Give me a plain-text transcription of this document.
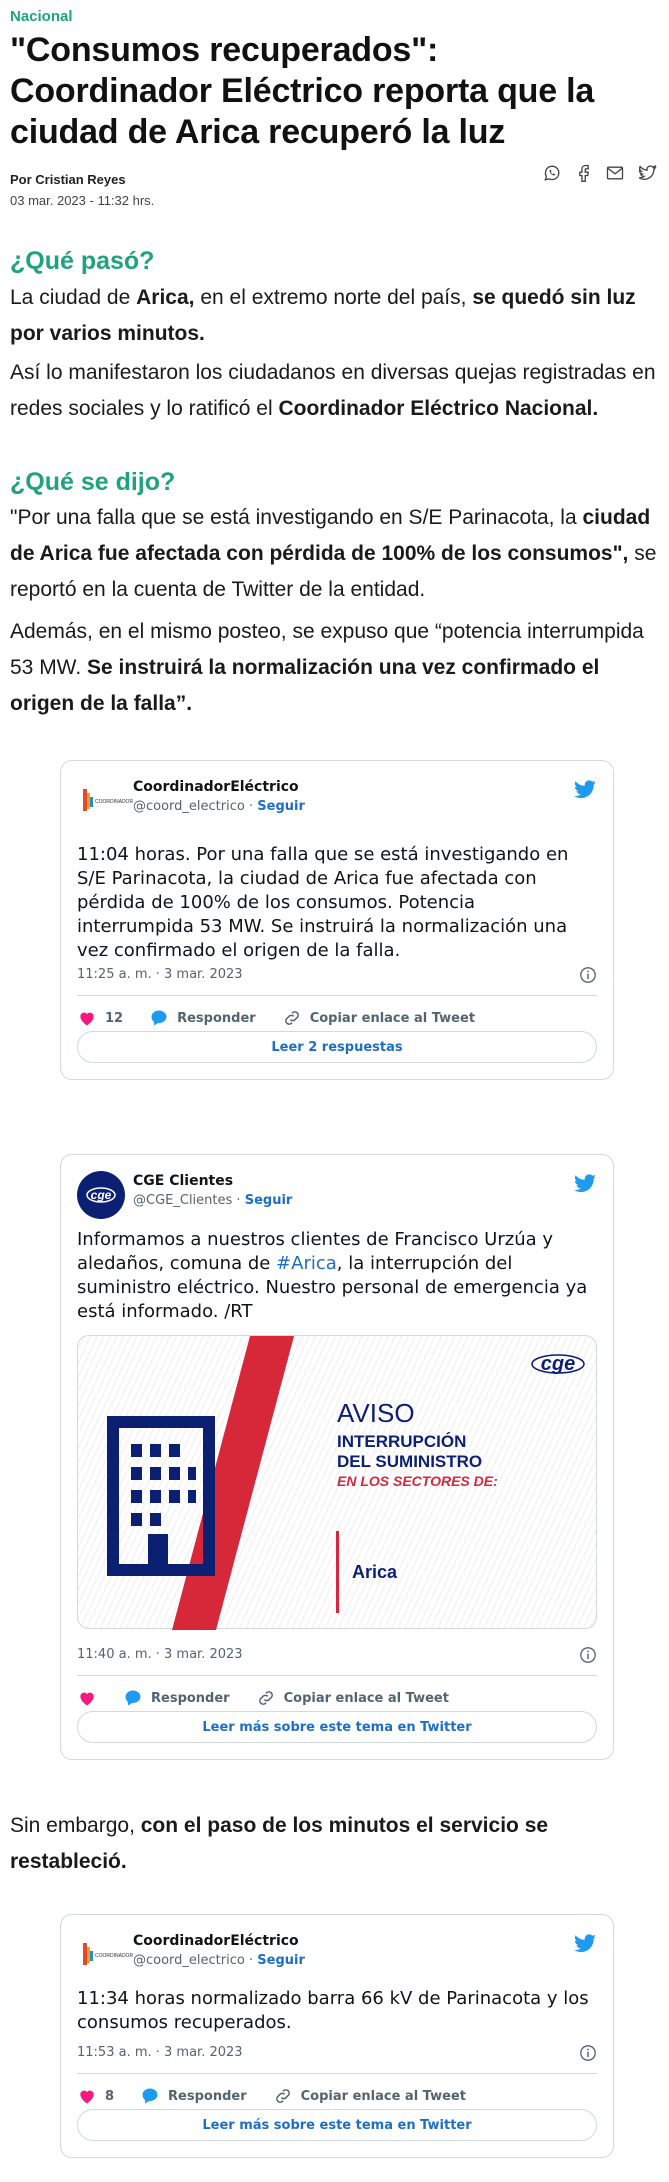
Nacional
"Consumos recuperados": Coordinador Eléctrico reporta que la ciudad de Arica recuperó la luz
Por Cristian Reyes
03 mar. 2023 - 11:32 hrs.
¿Qué pasó?

La ciudad de Arica, en el extremo norte del país, se quedó sin luz por varios minutos.

Así lo manifestaron los ciudadanos en diversas quejas registradas en redes sociales y lo ratificó el Coordinador Eléctrico Nacional.

¿Qué se dijo?

"Por una falla que se está investigando en S/E Parinacota, la ciudad de Arica fue afectada con pérdida de 100% de los consumos", se reportó en la cuenta de Twitter de la entidad.

Además, en el mismo posteo, se expuso que “potencia interrumpida 53 MW. Se instruirá la normalización una vez confirmado el origen de la falla”.

COORDINADOR
CoordinadorEléctrico
@coord_electrico · Seguir
11:04 horas. Por una falla que se está investigando en S/E Parinacota, la ciudad de Arica fue afectada con pérdida de 100% de los consumos. Potencia interrumpida 53 MW. Se instruirá la normalización una vez confirmado el origen de la falla.
11:25 a. m. · 3 mar. 2023
12	Responder	Copiar enlace al Tweet
Leer 2 respuestas
cge
CGE Clientes
@CGE_Clientes · Seguir
Informamos a nuestros clientes de Francisco Urzúa y aledaños, comuna de #Arica, la interrupción del suministro eléctrico. Nuestro personal de emergencia ya está informado. /RT
cge
AVISO
INTERRUPCIÓN
DEL SUMINISTRO
EN LOS SECTORES DE:
Arica
11:40 a. m. · 3 mar. 2023
Responder	Copiar enlace al Tweet
Leer más sobre este tema en Twitter

Sin embargo, con el paso de los minutos el servicio se restableció.

COORDINADOR
CoordinadorEléctrico
@coord_electrico · Seguir
11:34 horas normalizado barra 66 kV de Parinacota y los consumos recuperados.
11:53 a. m. · 3 mar. 2023
8	Responder	Copiar enlace al Tweet
Leer más sobre este tema en Twitter
